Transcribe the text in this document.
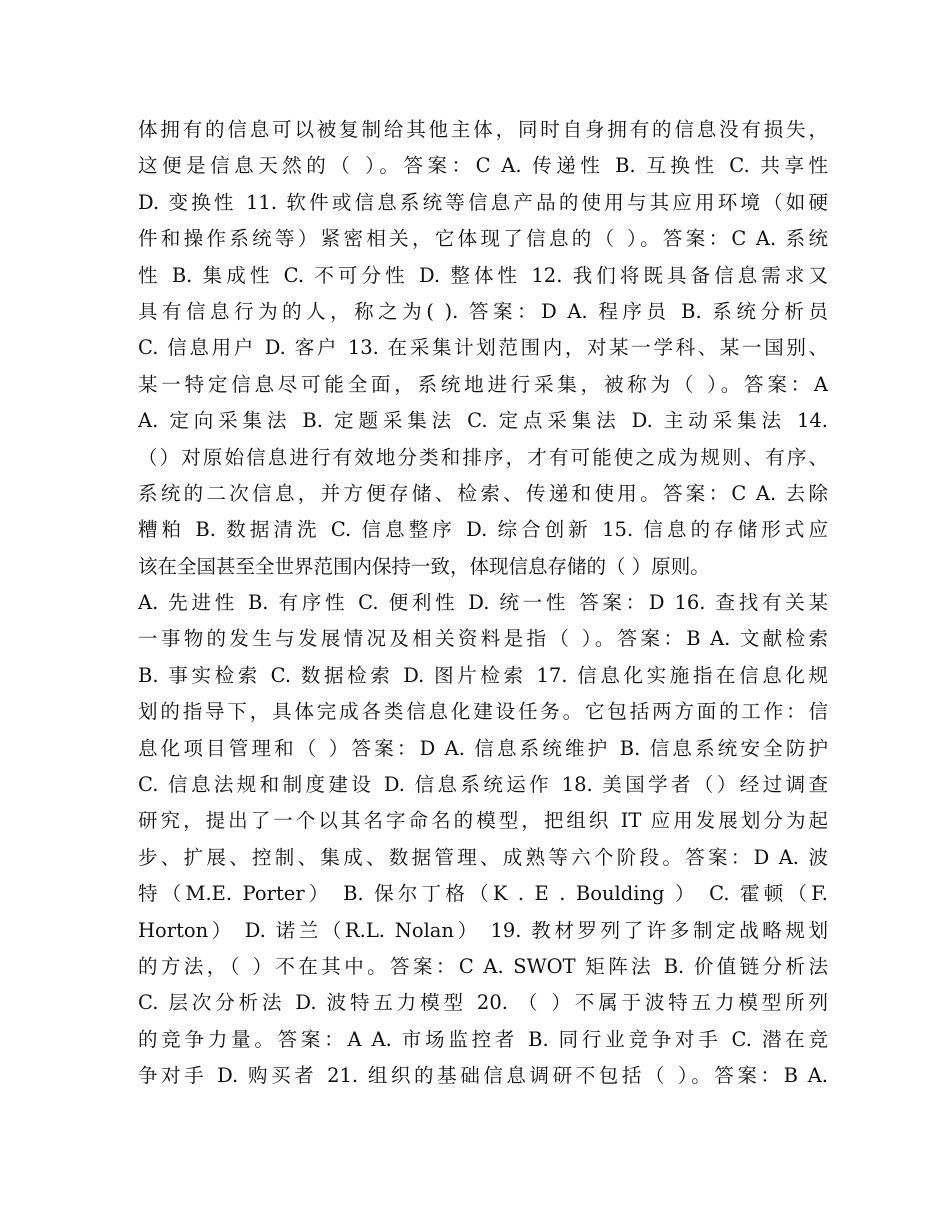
体拥有的信息可以被复制给其他主体，同时自身拥有的信息没有损失，
这便是信息天然的（ ）。答案：C A. 传递性 B. 互换性 C. 共享性
D. 变换性 11. 软件或信息系统等信息产品的使用与其应用环境（如硬
件和操作系统等）紧密相关，它体现了信息的（ ）。答案：C A. 系统
性 B. 集成性 C. 不可分性 D. 整体性 12. 我们将既具备信息需求又
具有信息行为的人，称之为( ). 答案：D A. 程序员 B. 系统分析员
C. 信息用户 D. 客户 13. 在采集计划范围内，对某一学科、某一国别、
某一特定信息尽可能全面，系统地进行采集，被称为（ ）。答案：A
A. 定向采集法 B. 定题采集法 C. 定点采集法 D. 主动采集法 14.
（）对原始信息进行有效地分类和排序，才有可能使之成为规则、有序、
系统的二次信息，并方便存储、检索、传递和使用。答案：C A. 去除
糟粕 B. 数据清洗 C. 信息整序 D. 综合创新 15. 信息的存储形式应
该在全国甚至全世界范围内保持一致，体现信息存储的（ ）原则。
A. 先进性 B. 有序性 C. 便利性 D. 统一性 答案：D 16. 查找有关某
一事物的发生与发展情况及相关资料是指（ ）。答案：B A. 文献检索
B. 事实检索 C. 数据检索 D. 图片检索 17. 信息化实施指在信息化规
划的指导下，具体完成各类信息化建设任务。它包括两方面的工作：信
息化项目管理和（ ）答案：D A. 信息系统维护 B. 信息系统安全防护
C. 信息法规和制度建设 D. 信息系统运作 18. 美国学者（）经过调查
研究，提出了一个以其名字命名的模型，把组织 IT 应用发展划分为起
步、扩展、控制、集成、数据管理、成熟等六个阶段。答案：D A. 波
特（M.E. Porter） B. 保尔丁格（K . E . Boulding ） C. 霍顿（F.
Horton） D. 诺兰（R.L. Nolan） 19. 教材罗列了许多制定战略规划
的方法，（ ）不在其中。答案：C A. SWOT 矩阵法 B. 价值链分析法
C. 层次分析法 D. 波特五力模型 20. （ ）不属于波特五力模型所列
的竞争力量。答案：A A. 市场监控者 B. 同行业竞争对手 C. 潜在竞
争对手 D. 购买者 21. 组织的基础信息调研不包括（ ）。答案：B A.
